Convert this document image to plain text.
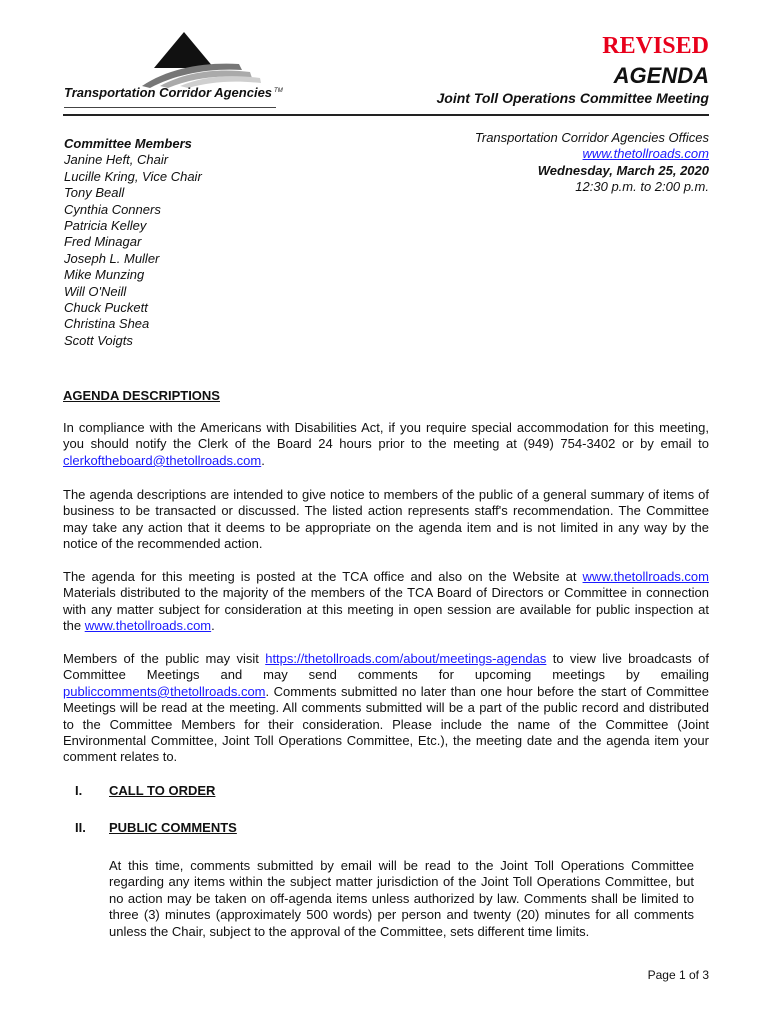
Transportation Corridor Agencies ™
REVISED
AGENDA
Joint Toll Operations Committee Meeting
Committee Members
Janine Heft, Chair
Lucille Kring, Vice Chair
Tony Beall
Cynthia Conners
Patricia Kelley
Fred Minagar
Joseph L. Muller
Mike Munzing
Will O'Neill
Chuck Puckett
Christina Shea
Scott Voigts
Transportation Corridor Agencies Offices
www.thetollroads.com
Wednesday, March 25, 2020
12:30 p.m. to 2:00 p.m.
AGENDA DESCRIPTIONS
In compliance with the Americans with Disabilities Act, if you require special accommodation for this meeting, you should notify the Clerk of the Board 24 hours prior to the meeting at (949) 754-3402 or by email to clerkoftheboard@thetollroads.com.
The agenda descriptions are intended to give notice to members of the public of a general summary of items of business to be transacted or discussed. The listed action represents staff's recommendation. The Committee may take any action that it deems to be appropriate on the agenda item and is not limited in any way by the notice of the recommended action.
The agenda for this meeting is posted at the TCA office and also on the Website at www.thetollroads.com Materials distributed to the majority of the members of the TCA Board of Directors or Committee in connection with any matter subject for consideration at this meeting in open session are available for public inspection at the www.thetollroads.com.
Members of the public may visit https://thetollroads.com/about/meetings-agendas to view live broadcasts of Committee Meetings and may send comments for upcoming meetings by emailing publiccomments@thetollroads.com. Comments submitted no later than one hour before the start of Committee Meetings will be read at the meeting. All comments submitted will be a part of the public record and distributed to the Committee Members for their consideration. Please include the name of the Committee (Joint Environmental Committee, Joint Toll Operations Committee, Etc.), the meeting date and the agenda item your comment relates to.
I. CALL TO ORDER
II. PUBLIC COMMENTS
At this time, comments submitted by email will be read to the Joint Toll Operations Committee regarding any items within the subject matter jurisdiction of the Joint Toll Operations Committee, but no action may be taken on off-agenda items unless authorized by law. Comments shall be limited to three (3) minutes (approximately 500 words) per person and twenty (20) minutes for all comments unless the Chair, subject to the approval of the Committee, sets different time limits.
Page 1 of 3
